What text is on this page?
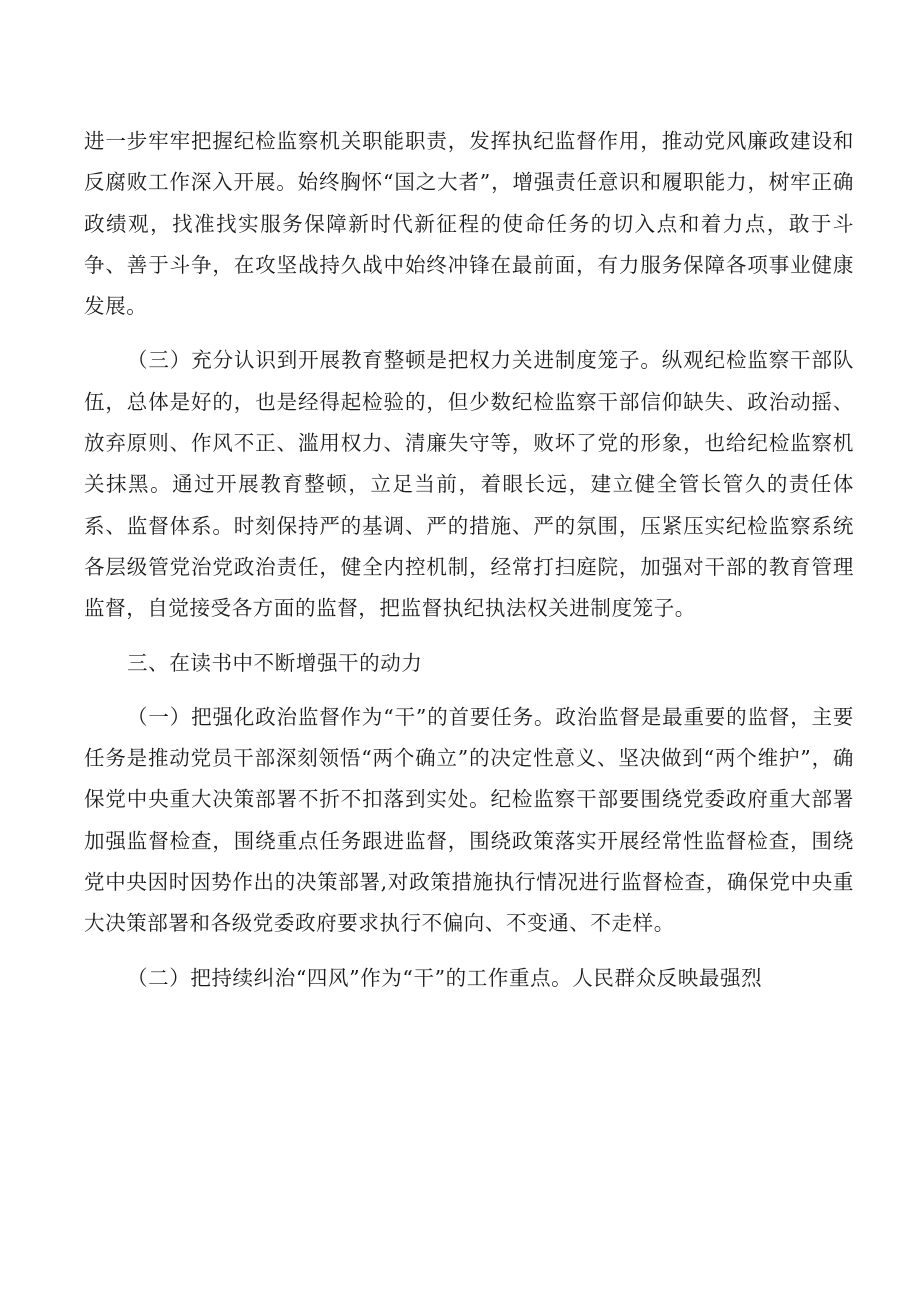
进一步牢牢把握纪检监察机关职能职责，发挥执纪监督作用，推动党风廉政建设和反腐败工作深入开展。始终胸怀“国之大者”，增强责任意识和履职能力，树牢正确政绩观，找准找实服务保障新时代新征程的使命任务的切入点和着力点，敢于斗争、善于斗争，在攻坚战持久战中始终冲锋在最前面，有力服务保障各项事业健康发展。

（三）充分认识到开展教育整顿是把权力关进制度笼子。纵观纪检监察干部队伍，总体是好的，也是经得起检验的，但少数纪检监察干部信仰缺失、政治动摇、放弃原则、作风不正、滥用权力、清廉失守等，败坏了党的形象，也给纪检监察机关抹黑。通过开展教育整顿，立足当前，着眼长远，建立健全管长管久的责任体系、监督体系。时刻保持严的基调、严的措施、严的氛围，压紧压实纪检监察系统各层级管党治党政治责任，健全内控机制，经常打扫庭院，加强对干部的教育管理监督，自觉接受各方面的监督，把监督执纪执法权关进制度笼子。

三、在读书中不断增强干的动力

（一）把强化政治监督作为“干”的首要任务。政治监督是最重要的监督，主要任务是推动党员干部深刻领悟“两个确立”的决定性意义、坚决做到“两个维护”，确保党中央重大决策部署不折不扣落到实处。纪检监察干部要围绕党委政府重大部署加强监督检查，围绕重点任务跟进监督，围绕政策落实开展经常性监督检查，围绕党中央因时因势作出的决策部署,对政策措施执行情况进行监督检查，确保党中央重大决策部署和各级党委政府要求执行不偏向、不变通、不走样。

（二）把持续纠治“四风”作为“干”的工作重点。人民群众反映最强烈
